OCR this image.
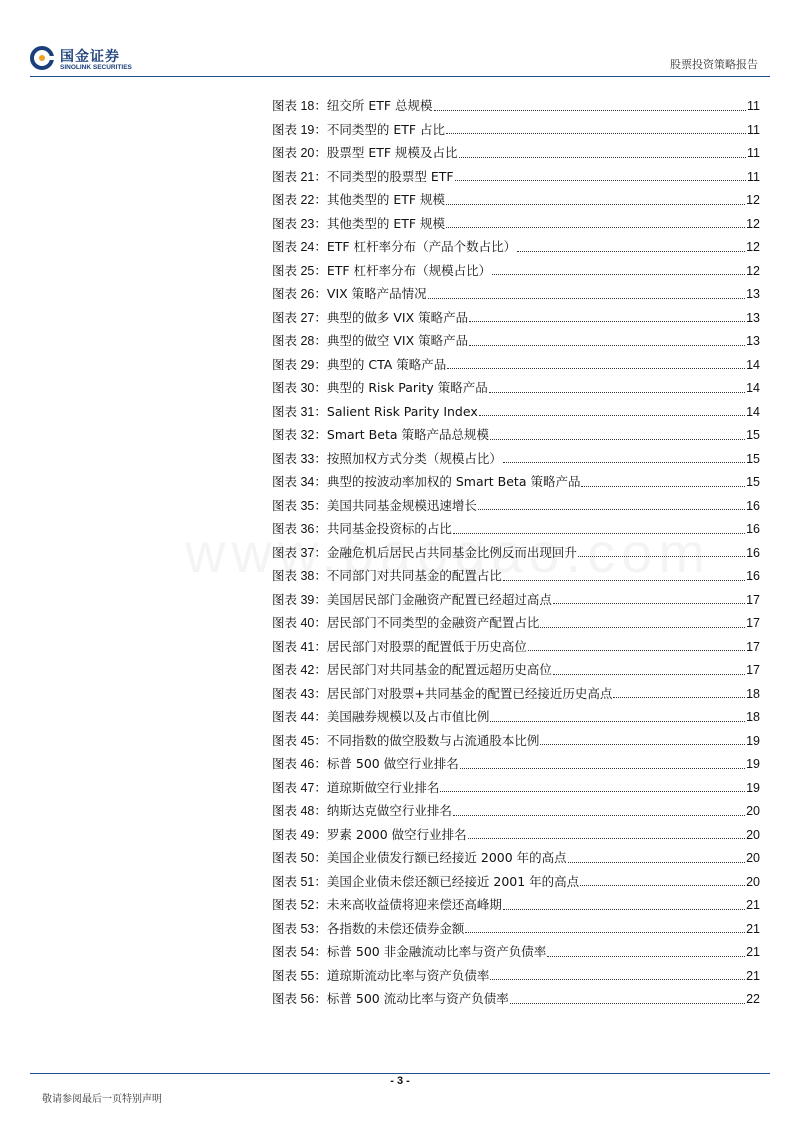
国金证券
SINOLINK SECURITIES	股票投资策略报告
图表 18： 纽交所 ETF 总规模	11
图表 19： 不同类型的 ETF 占比	11
图表 20： 股票型 ETF 规模及占比	11
图表 21： 不同类型的股票型 ETF	11
图表 22： 其他类型的 ETF 规模	12
图表 23： 其他类型的 ETF 规模	12
图表 24： ETF 杠杆率分布（产品个数占比）	12
图表 25： ETF 杠杆率分布（规模占比）	12
图表 26： VIX 策略产品情况	13
图表 27： 典型的做多 VIX 策略产品	13
图表 28： 典型的做空 VIX 策略产品	13
图表 29： 典型的 CTA 策略产品	14
图表 30： 典型的 Risk Parity 策略产品	14
图表 31： Salient Risk Parity Index	14
图表 32： Smart Beta 策略产品总规模	15
图表 33： 按照加权方式分类（规模占比）	15
图表 34： 典型的按波动率加权的 Smart Beta 策略产品	15
图表 35： 美国共同基金规模迅速增长	16
图表 36： 共同基金投资标的占比	16
图表 37： 金融危机后居民占共同基金比例反而出现回升	16
图表 38： 不同部门对共同基金的配置占比	16
图表 39： 美国居民部门金融资产配置已经超过高点	17
图表 40： 居民部门不同类型的金融资产配置占比	17
图表 41： 居民部门对股票的配置低于历史高位	17
图表 42： 居民部门对共同基金的配置远超历史高位	17
图表 43： 居民部门对股票+共同基金的配置已经接近历史高点	18
图表 44： 美国融券规模以及占市值比例	18
图表 45： 不同指数的做空股数与占流通股本比例	19
图表 46： 标普 500 做空行业排名	19
图表 47： 道琼斯做空行业排名	19
图表 48： 纳斯达克做空行业排名	20
图表 49： 罗素 2000 做空行业排名	20
图表 50： 美国企业债发行额已经接近 2000 年的高点	20
图表 51： 美国企业债未偿还额已经接近 2001 年的高点	20
图表 52： 未来高收益债将迎来偿还高峰期	21
图表 53： 各指数的未偿还债券金额	21
图表 54： 标普 500 非金融流动比率与资产负债率	21
图表 55： 道琼斯流动比率与资产负债率	21
图表 56： 标普 500 流动比率与资产负债率	22
- 3 -
敬请参阅最后一页特别声明
